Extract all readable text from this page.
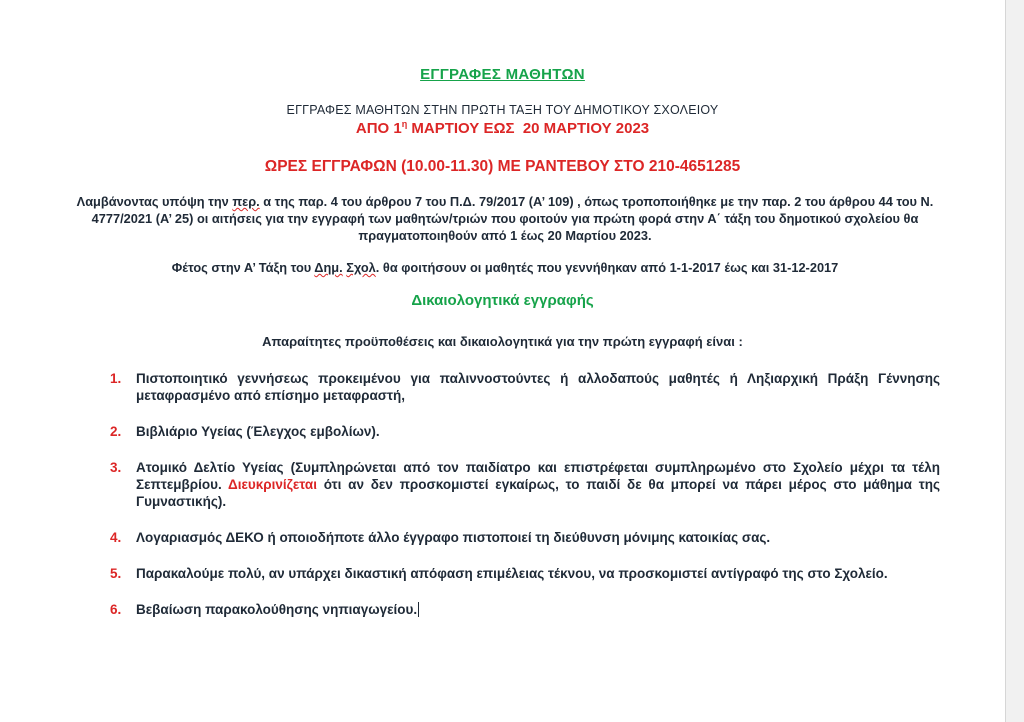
ΕΓΓΡΑΦΕΣ ΜΑΘΗΤΩΝ
ΕΓΓΡΑΦΕΣ ΜΑΘΗΤΩΝ ΣΤΗΝ ΠΡΩΤΗ ΤΑΞΗ ΤΟΥ ΔΗΜΟΤΙΚΟΥ ΣΧΟΛΕΙΟΥ
ΑΠΟ $1^\eta$ ΜΑΡΤΙΟΥ ΕΩΣ  20 ΜΑΡΤΙΟΥ 2023
ΩΡΕΣ ΕΓΓΡΑΦΩΝ (10.00-11.30) ΜΕ ΡΑΝΤΕΒΟΥ ΣΤΟ 210-4651285
Λαμβάνοντας υπόψη την περ. α της παρ. 4 του άρθρου 7 του Π.Δ. 79/2017 (Α’ 109) , όπως τροποποιήθηκε με την παρ. 2 του άρθρου 44 του Ν. 4777/2021 (Α’ 25) οι αιτήσεις για την εγγραφή των μαθητών/τριών που φοιτούν για πρώτη φορά στην Α΄ τάξη του δημοτικού σχολείου θα πραγματοποιηθούν από 1 έως 20 Μαρτίου 2023.
Φέτος στην Α’ Τάξη του Δημ. Σχολ. θα φοιτήσουν οι μαθητές που γεννήθηκαν από 1-1-2017 έως και 31-12-2017
Δικαιολογητικά εγγραφής
Απαραίτητες προϋποθέσεις και δικαιολογητικά για την πρώτη εγγραφή είναι :
1. Πιστοποιητικό γεννήσεως προκειμένου για παλιννοστούντες ή αλλοδαπούς μαθητές ή Ληξιαρχική Πράξη Γέννησης μεταφρασμένο από επίσημο μεταφραστή,
2. Βιβλιάριο Υγείας (Έλεγχος εμβολίων).
3. Ατομικό Δελτίο Υγείας (Συμπληρώνεται από τον παιδίατρο και επιστρέφεται συμπληρωμένο στο Σχολείο μέχρι τα τέλη Σεπτεμβρίου. Διευκρινίζεται ότι αν δεν προσκομιστεί εγκαίρως, το παιδί δε θα μπορεί να πάρει μέρος στο μάθημα της Γυμναστικής).
4. Λογαριασμός ΔΕΚΟ ή οποιοδήποτε άλλο έγγραφο πιστοποιεί τη διεύθυνση μόνιμης κατοικίας σας.
5. Παρακαλούμε πολύ, αν υπάρχει δικαστική απόφαση επιμέλειας τέκνου, να προσκομιστεί αντίγραφό της στο Σχολείο.
6. Βεβαίωση παρακολούθησης νηπιαγωγείου.
